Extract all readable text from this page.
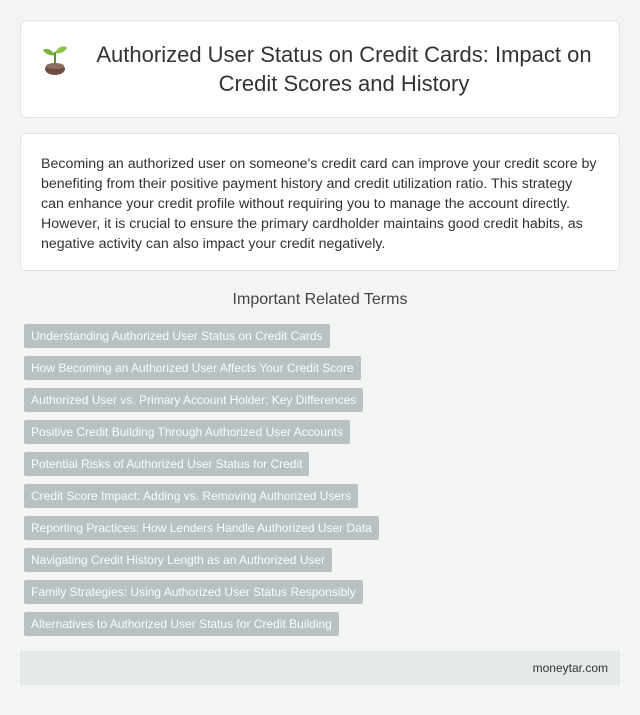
Authorized User Status on Credit Cards: Impact on Credit Scores and History

Becoming an authorized user on someone's credit card can improve your credit score by benefiting from their positive payment history and credit utilization ratio. This strategy can enhance your credit profile without requiring you to manage the account directly. However, it is crucial to ensure the primary cardholder maintains good credit habits, as negative activity can also impact your credit negatively.

Important Related Terms
Understanding Authorized User Status on Credit Cards
How Becoming an Authorized User Affects Your Credit Score
Authorized User vs. Primary Account Holder: Key Differences
Positive Credit Building Through Authorized User Accounts
Potential Risks of Authorized User Status for Credit
Credit Score Impact: Adding vs. Removing Authorized Users
Reporting Practices: How Lenders Handle Authorized User Data
Navigating Credit History Length as an Authorized User
Family Strategies: Using Authorized User Status Responsibly
Alternatives to Authorized User Status for Credit Building
moneytar.com
